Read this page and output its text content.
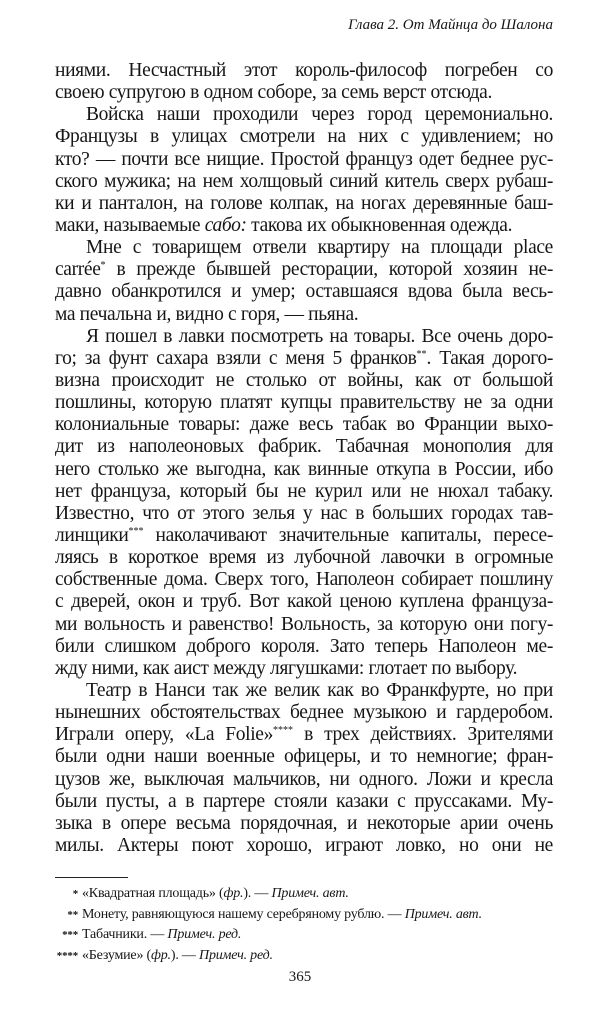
Глава 2. От Майнца до Шалона
ниями. Несчастный этот король-философ погребен со
своею супругою в одном соборе, за семь верст отсюда.
Войска наши проходили через город церемониально.
Французы в улицах смотрели на них с удивлением; но
кто? — почти все нищие. Простой француз одет беднее рус-
ского мужика; на нем холщовый синий китель сверх рубаш-
ки и панталон, на голове колпак, на ногах деревянные баш-
маки, называемые сабо: такова их обыкновенная одежда.
Мне с товарищем отвели квартиру на площади place
carrée* в прежде бывшей ресторации, которой хозяин не-
давно обанкротился и умер; оставшаяся вдова была весь-
ма печальна и, видно с горя, — пьяна.
Я пошел в лавки посмотреть на товары. Все очень доро-
го; за фунт сахара взяли с меня 5 франков**. Такая дорого-
визна происходит не столько от войны, как от большой
пошлины, которую платят купцы правительству не за одни
колониальные товары: даже весь табак во Франции выхо-
дит из наполеоновых фабрик. Табачная монополия для
него столько же выгодна, как винные откупа в России, ибо
нет француза, который бы не курил или не нюхал табаку.
Известно, что от этого зелья у нас в больших городах тав-
линщики*** наколачивают значительные капиталы, пересе-
ляясь в короткое время из лубочной лавочки в огромные
собственные дома. Сверх того, Наполеон собирает пошлину
с дверей, окон и труб. Вот какой ценою куплена француза-
ми вольность и равенство! Вольность, за которую они погу-
били слишком доброго короля. Зато теперь Наполеон ме-
жду ними, как аист между лягушками: глотает по выбору.
Театр в Нанси так же велик как во Франкфурте, но при
нынешних обстоятельствах беднее музыкою и гардеробом.
Играли оперу, «La Folie»**** в трех действиях. Зрителями
были одни наши военные офицеры, и то немногие; фран-
цузов же, выключая мальчиков, ни одного. Ложи и кресла
были пусты, а в партере стояли казаки с пруссаками. Му-
зыка в опере весьма порядочная, и некоторые арии очень
милы. Актеры поют хорошо, играют ловко, но они не
* «Квадратная площадь» (фр.). — Примеч. авт.
** Монету, равняющуюся нашему серебряному рублю. — Примеч. авт.
*** Табачники. — Примеч. ред.
**** «Безумие» (фр.). — Примеч. ред.
365
